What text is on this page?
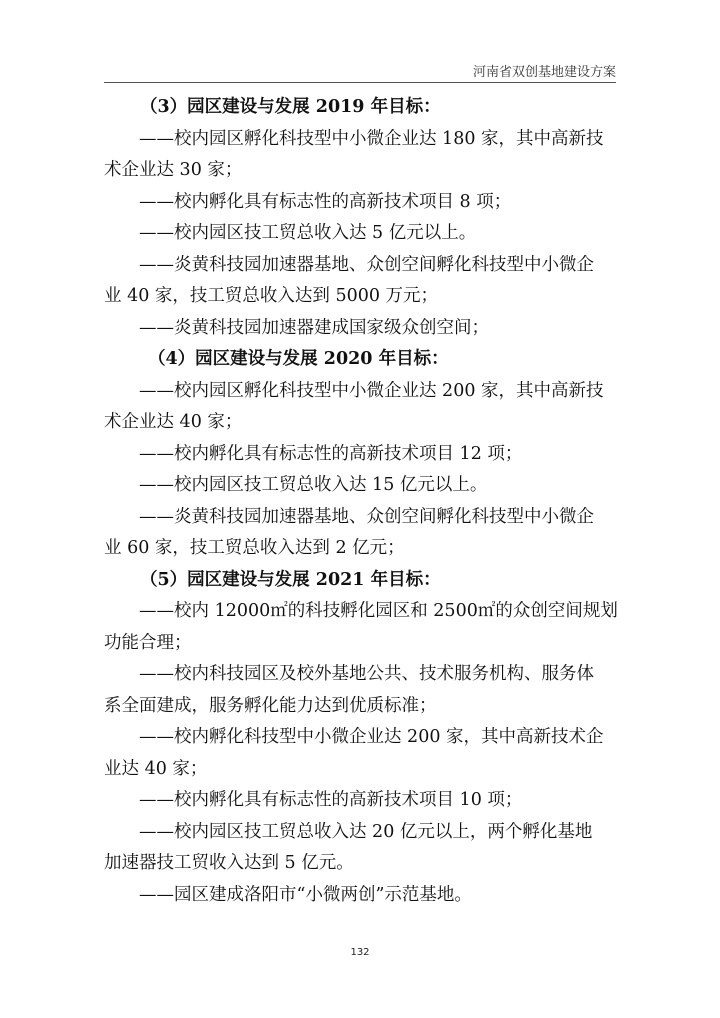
河南省双创基地建设方案
（3）园区建设与发展 2019 年目标：
——校内园区孵化科技型中小微企业达 180 家，其中高新技
术企业达 30 家；
——校内孵化具有标志性的高新技术项目 8 项；
——校内园区技工贸总收入达 5 亿元以上。
——炎黄科技园加速器基地、众创空间孵化科技型中小微企
业 40 家，技工贸总收入达到 5000 万元；
——炎黄科技园加速器建成国家级众创空间；
（4）园区建设与发展 2020 年目标：
——校内园区孵化科技型中小微企业达 200 家，其中高新技
术企业达 40 家；
——校内孵化具有标志性的高新技术项目 12 项；
——校内园区技工贸总收入达 15 亿元以上。
——炎黄科技园加速器基地、众创空间孵化科技型中小微企
业 60 家，技工贸总收入达到 2 亿元；
（5）园区建设与发展 2021 年目标：
——校内 12000㎡的科技孵化园区和 2500㎡的众创空间规划
功能合理；
——校内科技园区及校外基地公共、技术服务机构、服务体
系全面建成，服务孵化能力达到优质标准；
——校内孵化科技型中小微企业达 200 家，其中高新技术企
业达 40 家；
——校内孵化具有标志性的高新技术项目 10 项；
——校内园区技工贸总收入达 20 亿元以上，两个孵化基地
加速器技工贸收入达到 5 亿元。
——园区建成洛阳市“小微两创”示范基地。
132
